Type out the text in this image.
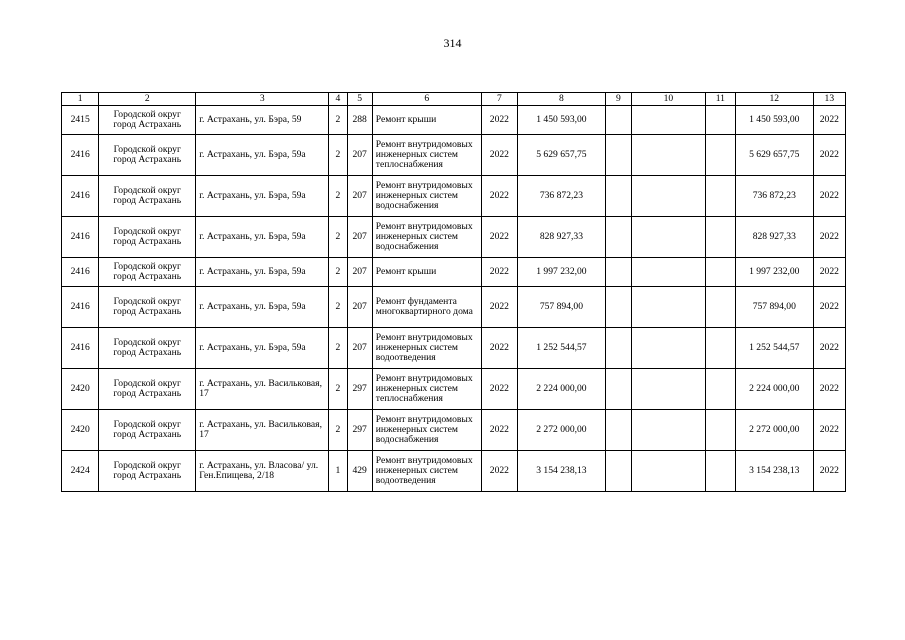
314
1	2	3	4	5	6	7	8	9	10	11	12	13
2415	Городской округ город Астрахань	г. Астрахань, ул. Бэра, 59	2	288	Ремонт крыши	2022	1 450 593,00				1 450 593,00	2022
2416	Городской округ город Астрахань	г. Астрахань, ул. Бэра, 59а	2	207	Ремонт внутридомовых инженерных систем теплоснабжения	2022	5 629 657,75				5 629 657,75	2022
2416	Городской округ город Астрахань	г. Астрахань, ул. Бэра, 59а	2	207	Ремонт внутридомовых инженерных систем водоснабжения	2022	736 872,23				736 872,23	2022
2416	Городской округ город Астрахань	г. Астрахань, ул. Бэра, 59а	2	207	Ремонт внутридомовых инженерных систем водоснабжения	2022	828 927,33				828 927,33	2022
2416	Городской округ город Астрахань	г. Астрахань, ул. Бэра, 59а	2	207	Ремонт крыши	2022	1 997 232,00				1 997 232,00	2022
2416	Городской округ город Астрахань	г. Астрахань, ул. Бэра, 59а	2	207	Ремонт фундамента многоквартирного дома	2022	757 894,00				757 894,00	2022
2416	Городской округ город Астрахань	г. Астрахань, ул. Бэра, 59а	2	207	Ремонт внутридомовых инженерных систем водоотведения	2022	1 252 544,57				1 252 544,57	2022
2420	Городской округ город Астрахань	г. Астрахань, ул. Васильковая, 17	2	297	Ремонт внутридомовых инженерных систем теплоснабжения	2022	2 224 000,00				2 224 000,00	2022
2420	Городской округ город Астрахань	г. Астрахань, ул. Васильковая, 17	2	297	Ремонт внутридомовых инженерных систем водоснабжения	2022	2 272 000,00				2 272 000,00	2022
2424	Городской округ город Астрахань	г. Астрахань, ул. Власова/ ул. Ген.Епищева, 2/18	1	429	Ремонт внутридомовых инженерных систем водоотведения	2022	3 154 238,13				3 154 238,13	2022
